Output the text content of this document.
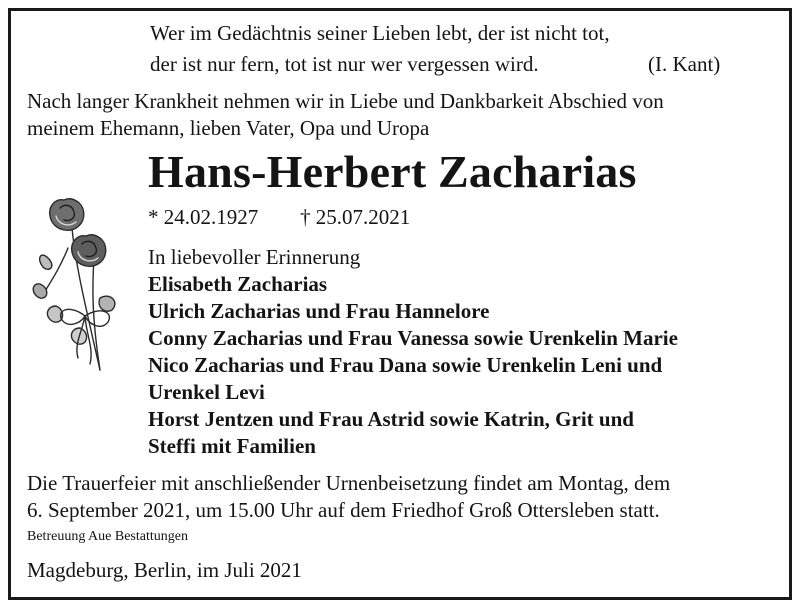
Wer im Gedächtnis seiner Lieben lebt, der ist nicht tot,
der ist nur fern, tot ist nur wer vergessen wird.	(I. Kant)
Nach langer Krankheit nehmen wir in Liebe und Dankbarkeit Abschied von
meinem Ehemann, lieben Vater, Opa und Uropa
Hans-Herbert Zacharias
* 24.02.1927 † 25.07.2021
In liebevoller Erinnerung
Elisabeth Zacharias
Ulrich Zacharias und Frau Hannelore
Conny Zacharias und Frau Vanessa sowie Urenkelin Marie
Nico Zacharias und Frau Dana sowie Urenkelin Leni und
Urenkel Levi
Horst Jentzen und Frau Astrid sowie Katrin, Grit und
Steffi mit Familien
Die Trauerfeier mit anschließender Urnenbeisetzung findet am Montag, dem
6. September 2021, um 15.00 Uhr auf dem Friedhof Groß Ottersleben statt.
Betreuung Aue Bestattungen
Magdeburg, Berlin, im Juli 2021
